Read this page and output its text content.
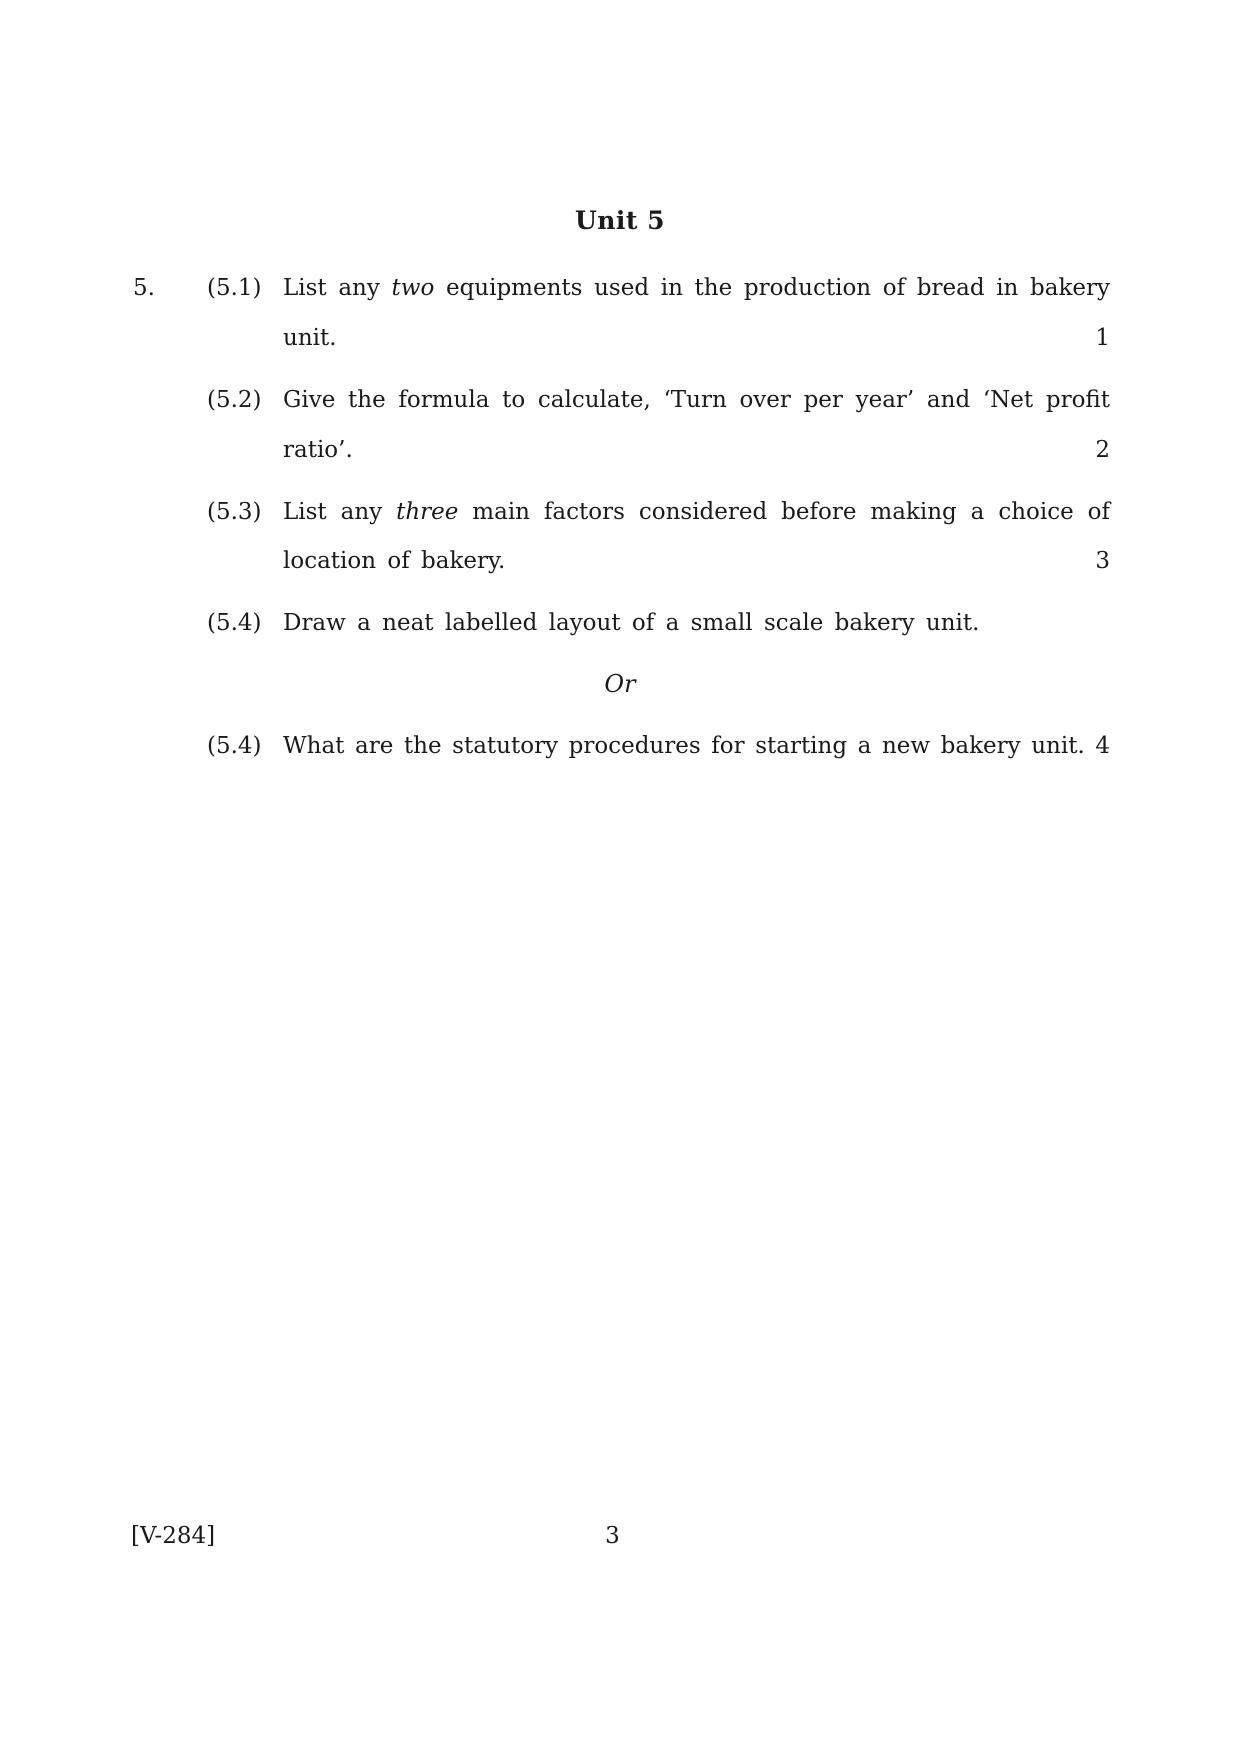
Unit 5
5. (5.1) List any two equipments used in the production of bread in bakery
unit.	1
(5.2) Give the formula to calculate, ‘Turn over per year’ and ‘Net profit
ratio’.	2
(5.3) List any three main factors considered before making a choice of
location of bakery.	3
(5.4) Draw a neat labelled layout of a small scale bakery unit.
Or
(5.4) What are the statutory procedures for starting a new bakery unit. 4
[V-284]	3
